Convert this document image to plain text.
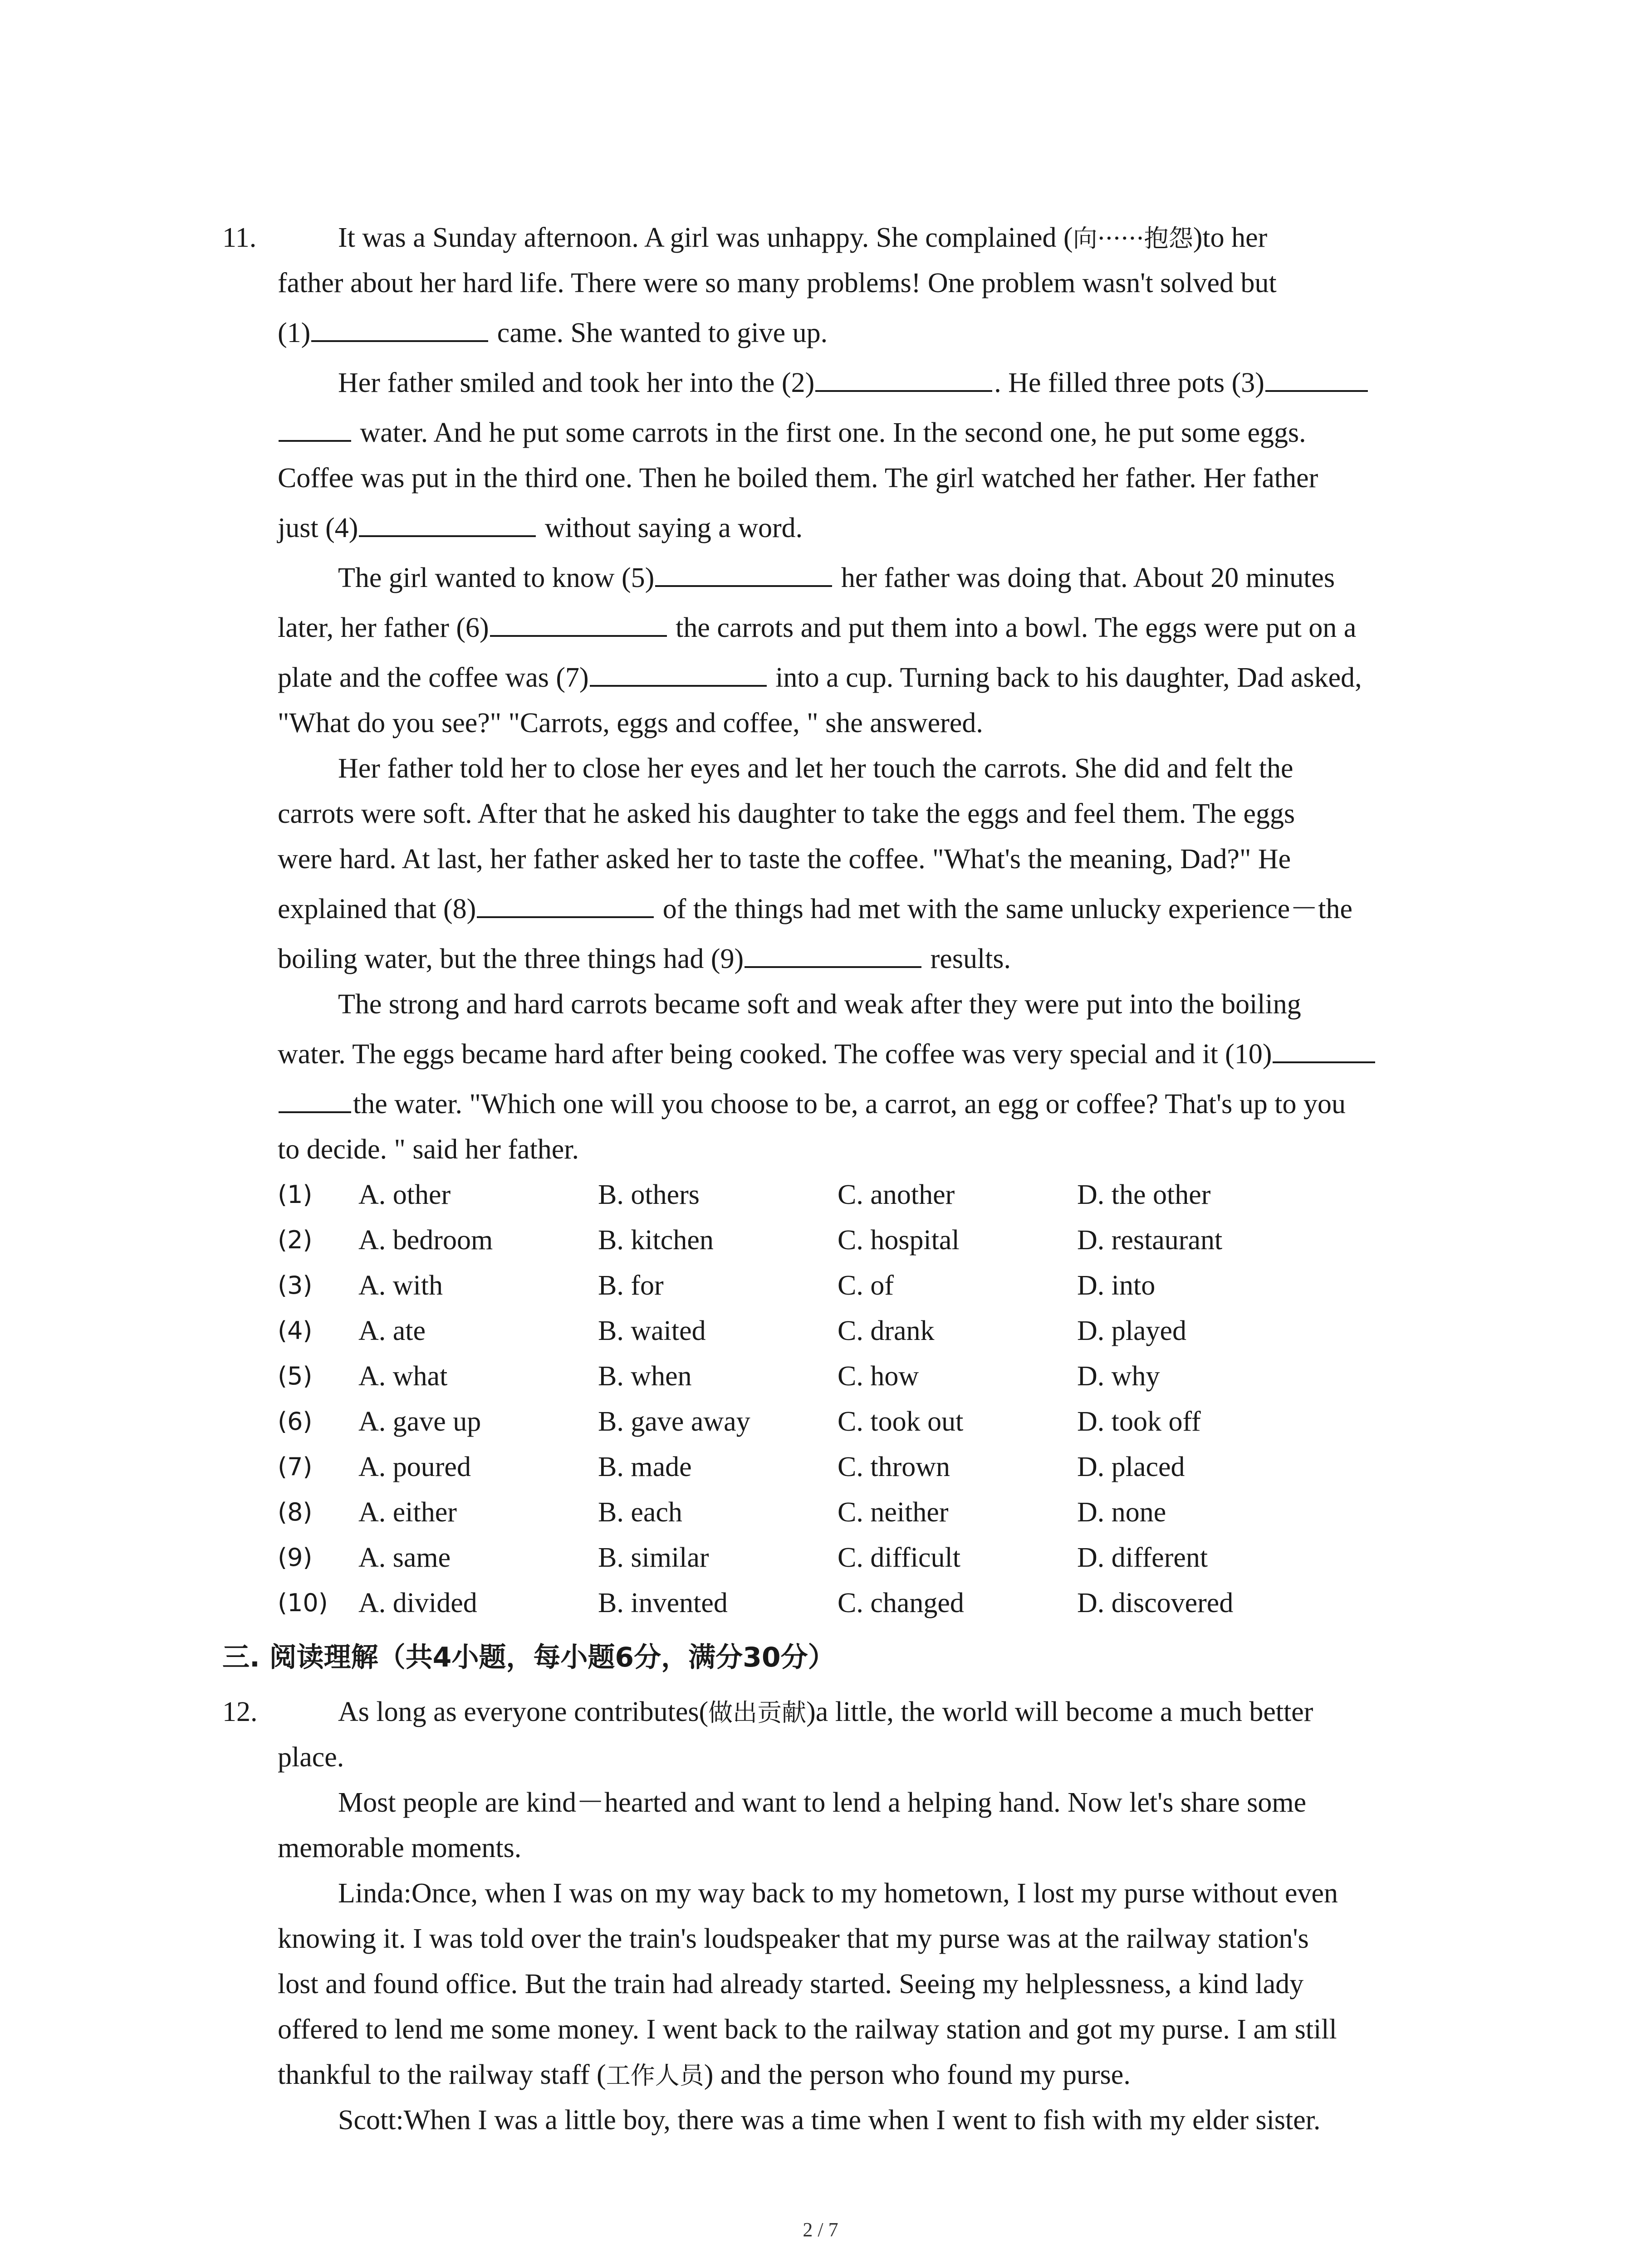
11.	It was a Sunday afternoon. A girl was unhappy. She complained (向······抱怨)to her
father about her hard life. There were so many problems! One problem wasn't solved but
(1)	came. She wanted to give up.
Her father smiled and took her into the (2)	. He filled three pots (3)
water. And he put some carrots in the first one. In the second one, he put some eggs.
Coffee was put in the third one. Then he boiled them. The girl watched her father. Her father
just (4)	without saying a word.
The girl wanted to know (5)	her father was doing that. About 20 minutes
later, her father (6)	the carrots and put them into a bowl. The eggs were put on a
plate and the coffee was (7)	into a cup. Turning back to his daughter, Dad asked,
"What do you see?" "Carrots, eggs and coffee, " she answered.
Her father told her to close her eyes and let her touch the carrots. She did and felt the
carrots were soft. After that he asked his daughter to take the eggs and feel them. The eggs
were hard. At last, her father asked her to taste the coffee. "What's the meaning, Dad?" He
explained that (8)	of the things had met with the same unlucky experience－the
boiling water, but the three things had (9)	results.
The strong and hard carrots became soft and weak after they were put into the boiling
water. The eggs became hard after being cooked. The coffee was very special and it (10)
the water. "Which one will you choose to be, a carrot, an egg or coffee? That's up to you
to decide. " said her father.
(1) A. other	B. others	C. another	D. the other
(2) A. bedroom	B. kitchen	C. hospital	D. restaurant
(3) A. with	B. for	C. of	D. into
(4) A. ate	B. waited	C. drank	D. played
(5) A. what	B. when	C. how	D. why
(6) A. gave up	B. gave away	C. took out	D. took off
(7) A. poured	B. made	C. thrown	D. placed
(8) A. either	B. each	C. neither	D. none
(9) A. same	B. similar	C. difficult	D. different
(10) A. divided	B. invented	C. changed	D. discovered
三. 阅读理解（共4小题，每小题6分，满分30分）
12.	As long as everyone contributes(做出贡献)a little, the world will become a much better
place.
Most people are kind－hearted and want to lend a helping hand. Now let's share some
memorable moments.
Linda:Once, when I was on my way back to my hometown, I lost my purse without even
knowing it. I was told over the train's loudspeaker that my purse was at the railway station's
lost and found office. But the train had already started. Seeing my helplessness, a kind lady
offered to lend me some money. I went back to the railway station and got my purse. I am still
thankful to the railway staff (工作人员) and the person who found my purse.
Scott:When I was a little boy, there was a time when I went to fish with my elder sister.
2 / 7
